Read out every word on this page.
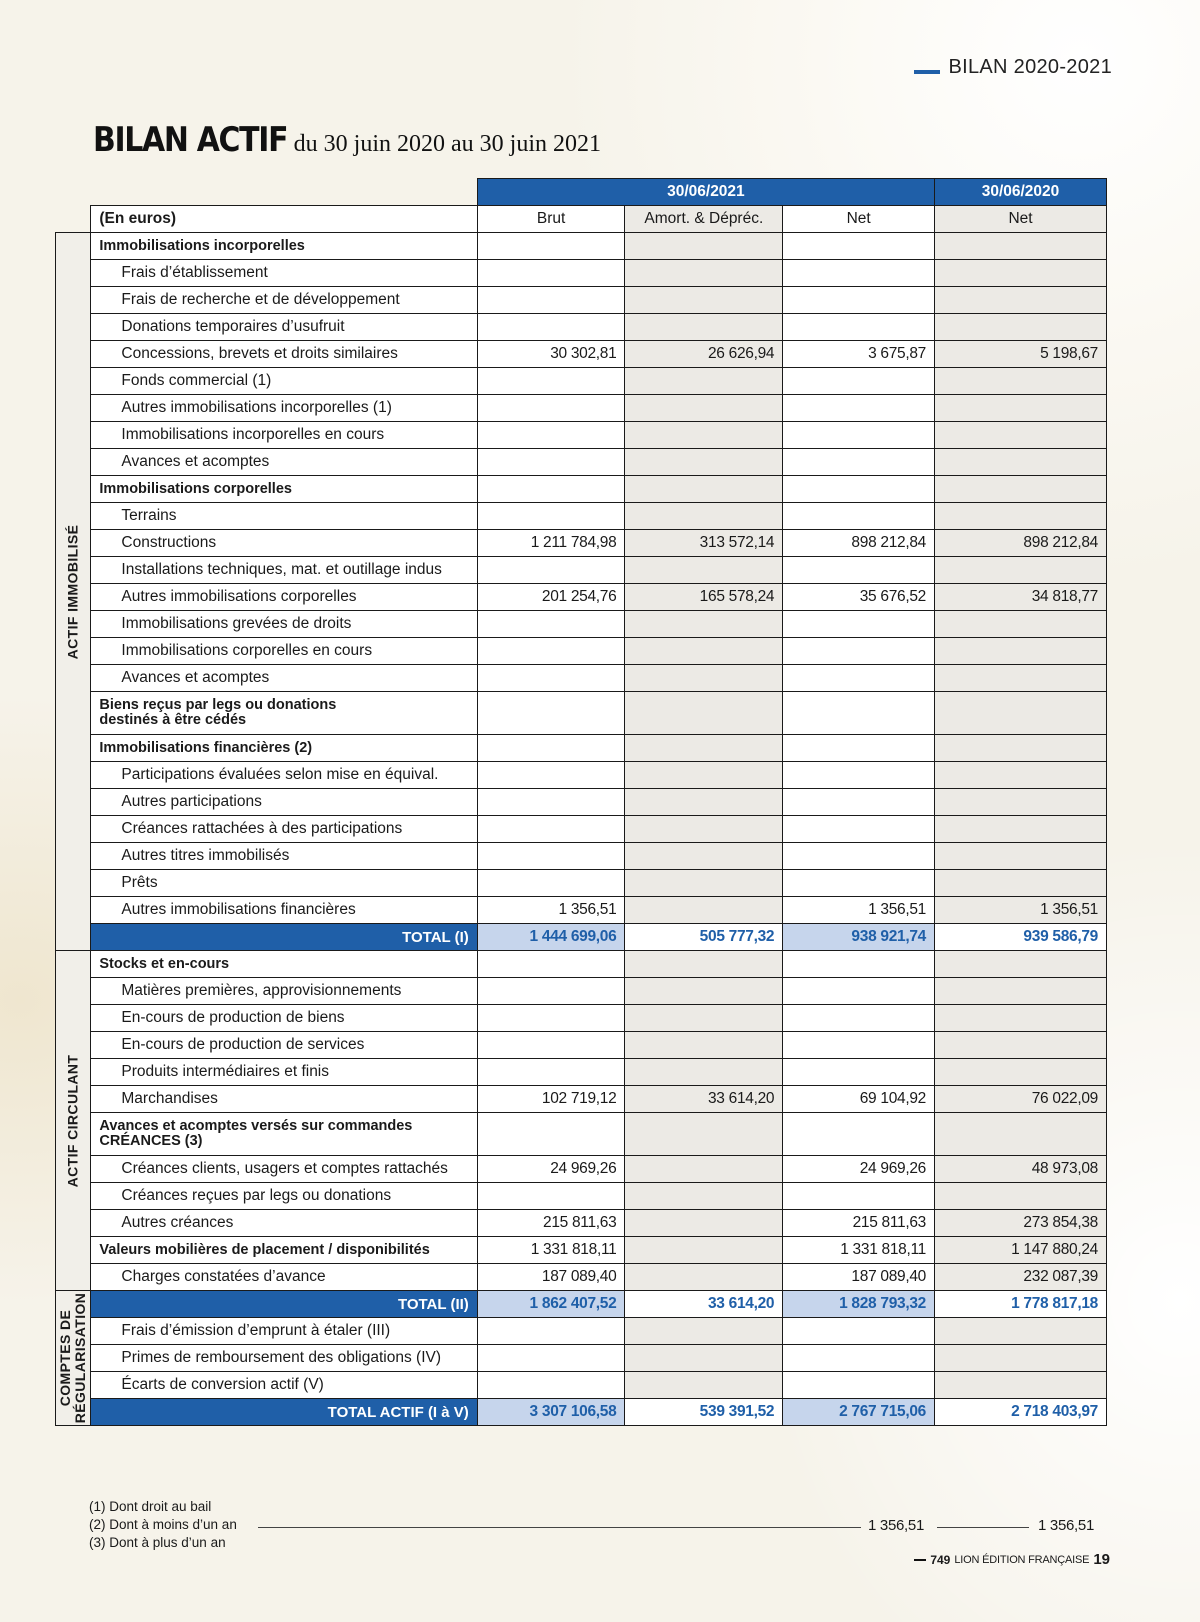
BILAN 2020-2021
BILAN ACTIF du 30 juin 2020 au 30 juin 2021
		30/06/2021			30/06/2020
	(En euros)	Brut	Amort. & Dépréc.	Net	Net

ACTIF IMMOBILISÉ	Immobilisations incorporelles				
	Frais d’établissement				
	Frais de recherche et de développement				
	Donations temporaires d’usufruit				
	Concessions, brevets et droits similaires	30 302,81	26 626,94	3 675,87	5 198,67
	Fonds commercial (1)				
	Autres immobilisations incorporelles (1)				
	Immobilisations incorporelles en cours				
	Avances et acomptes				
	Immobilisations corporelles				
	Terrains				
	Constructions	1 211 784,98	313 572,14	898 212,84	898 212,84
	Installations techniques, mat. et outillage indus				
	Autres immobilisations corporelles	201 254,76	165 578,24	35 676,52	34 818,77
	Immobilisations grevées de droits				
	Immobilisations corporelles en cours				
	Avances et acomptes				

	Biens reçus par legs ou donations
destinés à être cédés				

	Immobilisations financières (2)				
	Participations évaluées selon mise en équival.				
	Autres participations				
	Créances rattachées à des participations				
	Autres titres immobilisés				
	Prêts				
	Autres immobilisations financières	1 356,51		1 356,51	1 356,51
	TOTAL (I)	1 444 699,06	505 777,32	938 921,74	939 586,79

ACTIF CIRCULANT	Stocks et en-cours				
	Matières premières, approvisionnements				
	En-cours de production de biens				
	En-cours de production de services				
	Produits intermédiaires et finis				
	Marchandises	102 719,12	33 614,20	69 104,92	76 022,09

	Avances et acomptes versés sur commandes
CRÉANCES (3)				

	Créances clients, usagers et comptes rattachés	24 969,26		24 969,26	48 973,08
	Créances reçues par legs ou donations				
	Autres créances	215 811,63		215 811,63	273 854,38
	Valeurs mobilières de placement / disponibilités	1 331 818,11		1 331 818,11	1 147 880,24
	Charges constatées d’avance	187 089,40		187 089,40	232 087,39

COMPTES DE RÉGULARISATION	TOTAL (II)	1 862 407,52	33 614,20	1 828 793,32	1 778 817,18
	Frais d’émission d’emprunt à étaler (III)				
	Primes de remboursement des obligations (IV)				
	Écarts de conversion actif (V)				
	TOTAL ACTIF (I à V)	3 307 106,58	539 391,52	2 767 715,06	2 718 403,97
(1) Dont droit au bail
(2) Dont à moins d’un an
(3) Dont à plus d’un an
1 356,51	1 356,51
749 LION ÉDITION FRANÇAISE 19
